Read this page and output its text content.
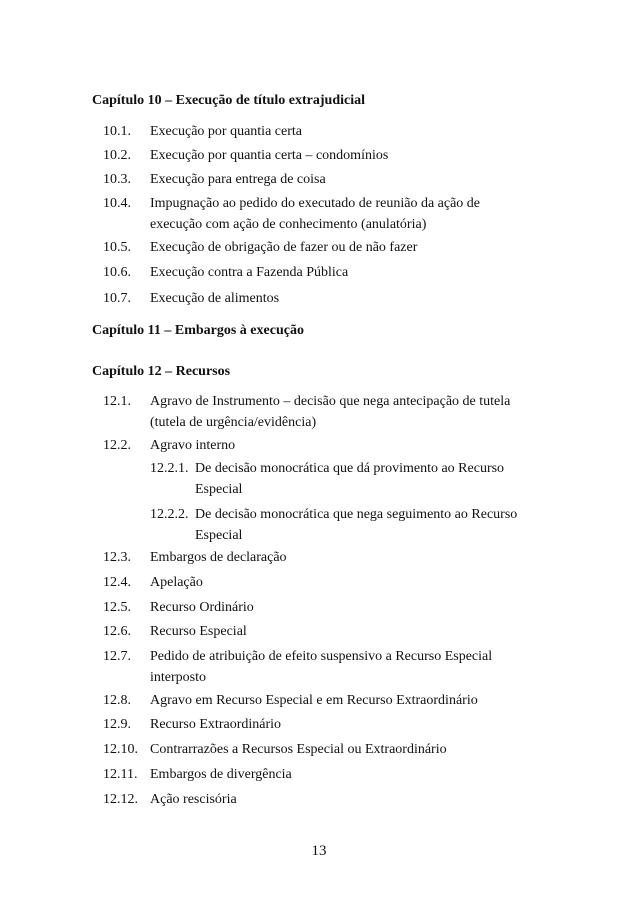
Capítulo 10 – Execução de título extrajudicial
10.1. Execução por quantia certa
10.2. Execução por quantia certa – condomínios
10.3. Execução para entrega de coisa
10.4. Impugnação ao pedido do executado de reunião da ação de
execução com ação de conhecimento (anulatória)
10.5. Execução de obrigação de fazer ou de não fazer
10.6. Execução contra a Fazenda Pública
10.7. Execução de alimentos
Capítulo 11 – Embargos à execução
Capítulo 12 – Recursos
12.1. Agravo de Instrumento – decisão que nega antecipação de tutela
(tutela de urgência/evidência)
12.2. Agravo interno
12.2.1. De decisão monocrática que dá provimento ao Recurso
Especial
12.2.2. De decisão monocrática que nega seguimento ao Recurso
Especial
12.3. Embargos de declaração
12.4. Apelação
12.5. Recurso Ordinário
12.6. Recurso Especial
12.7. Pedido de atribuição de efeito suspensivo a Recurso Especial
interposto
12.8. Agravo em Recurso Especial e em Recurso Extraordinário
12.9. Recurso Extraordinário
12.10. Contrarrazões a Recursos Especial ou Extraordinário
12.11. Embargos de divergência
12.12. Ação rescisória
13
